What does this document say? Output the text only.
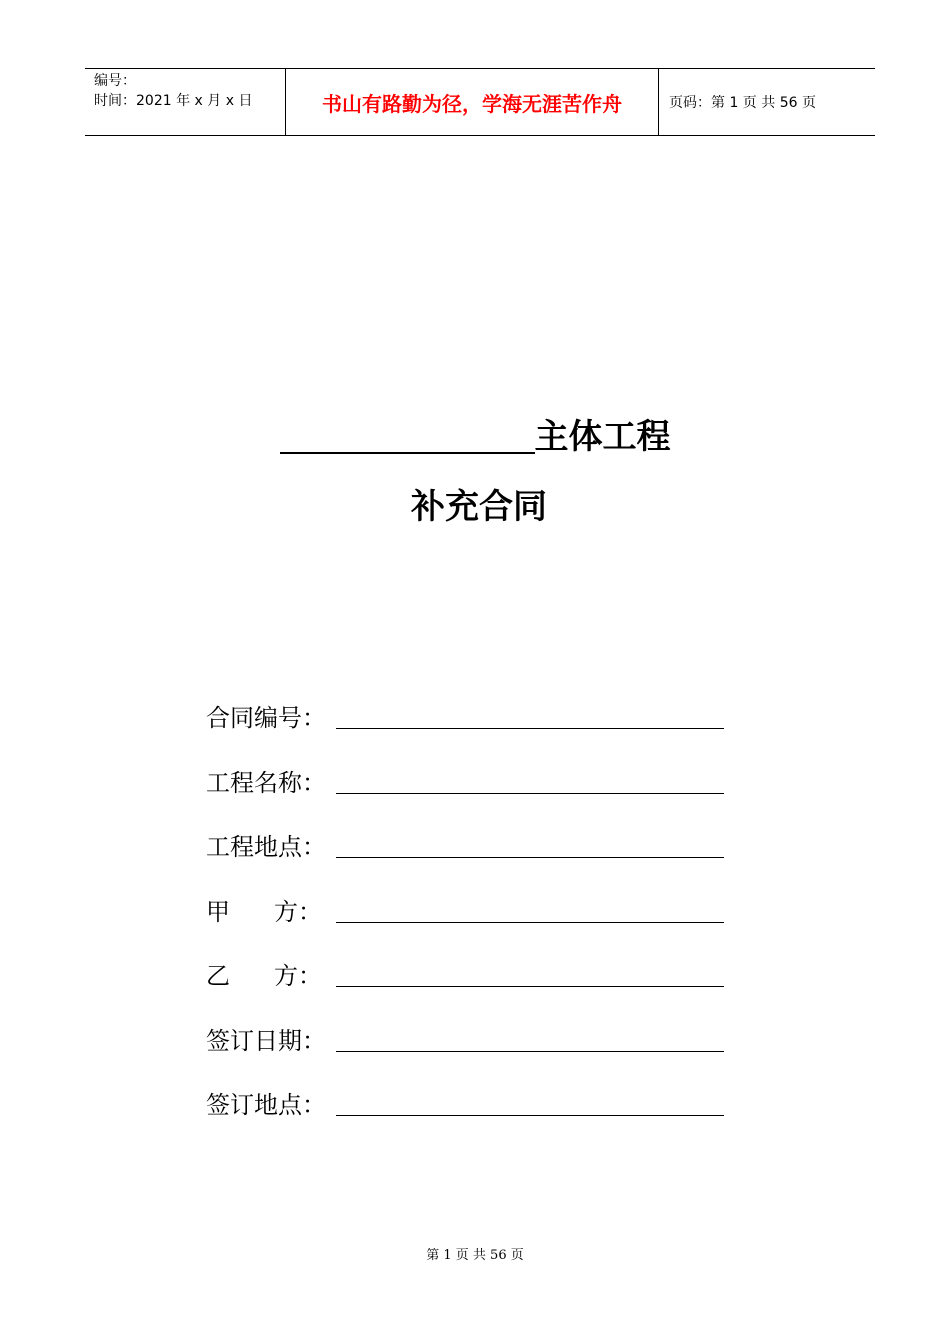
编号：
时间：2021 年 x 月 x 日	书山有路勤为径，学海无涯苦作舟	页码：第 1 页 共 56 页
主体工程
补充合同
合同编号：
工程名称：
工程地点：
甲 方：
乙 方：
签订日期：
签订地点：
第 1 页 共 56 页
